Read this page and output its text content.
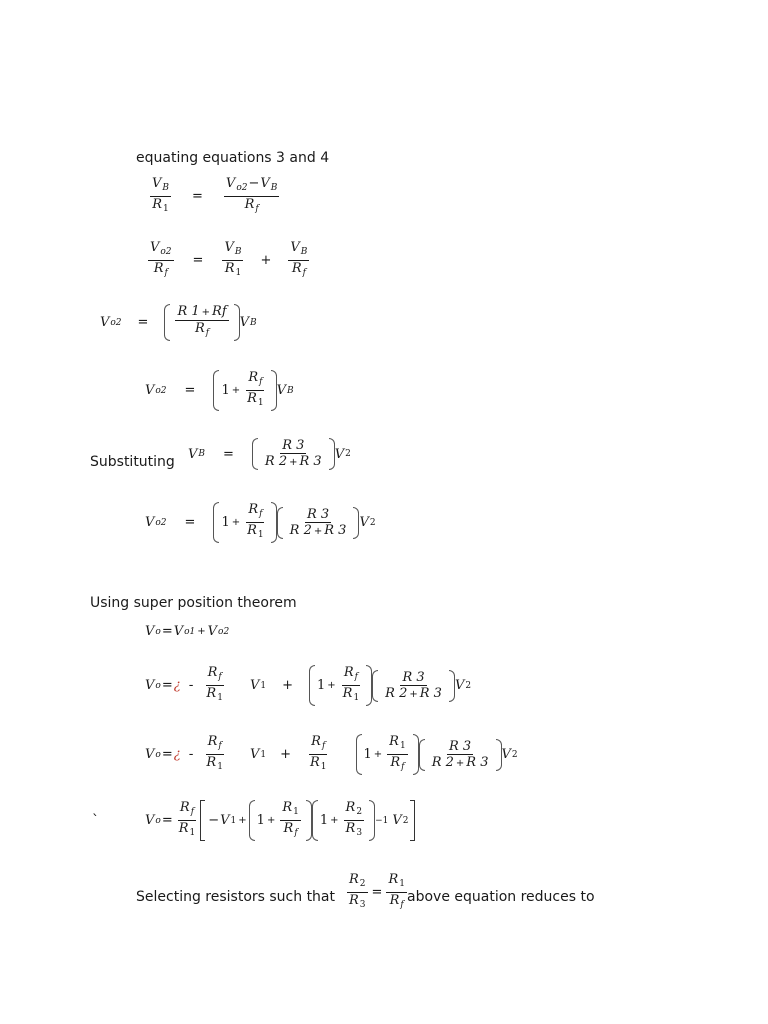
equating equations 3 and 4
$\frac{V_B}{R_1} = \frac{V_{o2}-V_B}{R_f}$
$\frac{V_{o2}}{R_f} = \frac{V_B}{R_1} + \frac{V_B}{R_f}$
V $o2 = \frac{R 1 + Rf}{R_f}$ V B
V $o2 = 1 + \frac{R_f}{R_1}$ V B
Substituting V $B = \frac{R 3}{R 2 + R 3}$ V 2
V $o2 = 1 + \frac{R_f}{R_1} \frac{R 3}{R 2 + R 3}$ V 2
Using super position theorem
V o = V o1 + V o2
V o = ¿ - $\frac{R_f}{R_1}$ V $1 + 1 + \frac{R_f}{R_1} \frac{R 3}{R 2 + R 3}$ V 2
V o = ¿ - $\frac{R_f}{R_1}$ V $1 + \frac{R_f}{R_1}$	$1 + \frac{R_1}{R_f} \frac{R 3}{R 2 + R 3}$ V 2
`	V $o = \frac{R_f}{R_1} - V$ $1 + 1 + \frac{R_1}{R_f} 1 + \frac{R_2}{R_3} -1$ V 2
Selecting resistors such that $\frac{R_2}{R_3} = \frac{R_1}{R_f}$ above equation reduces to
